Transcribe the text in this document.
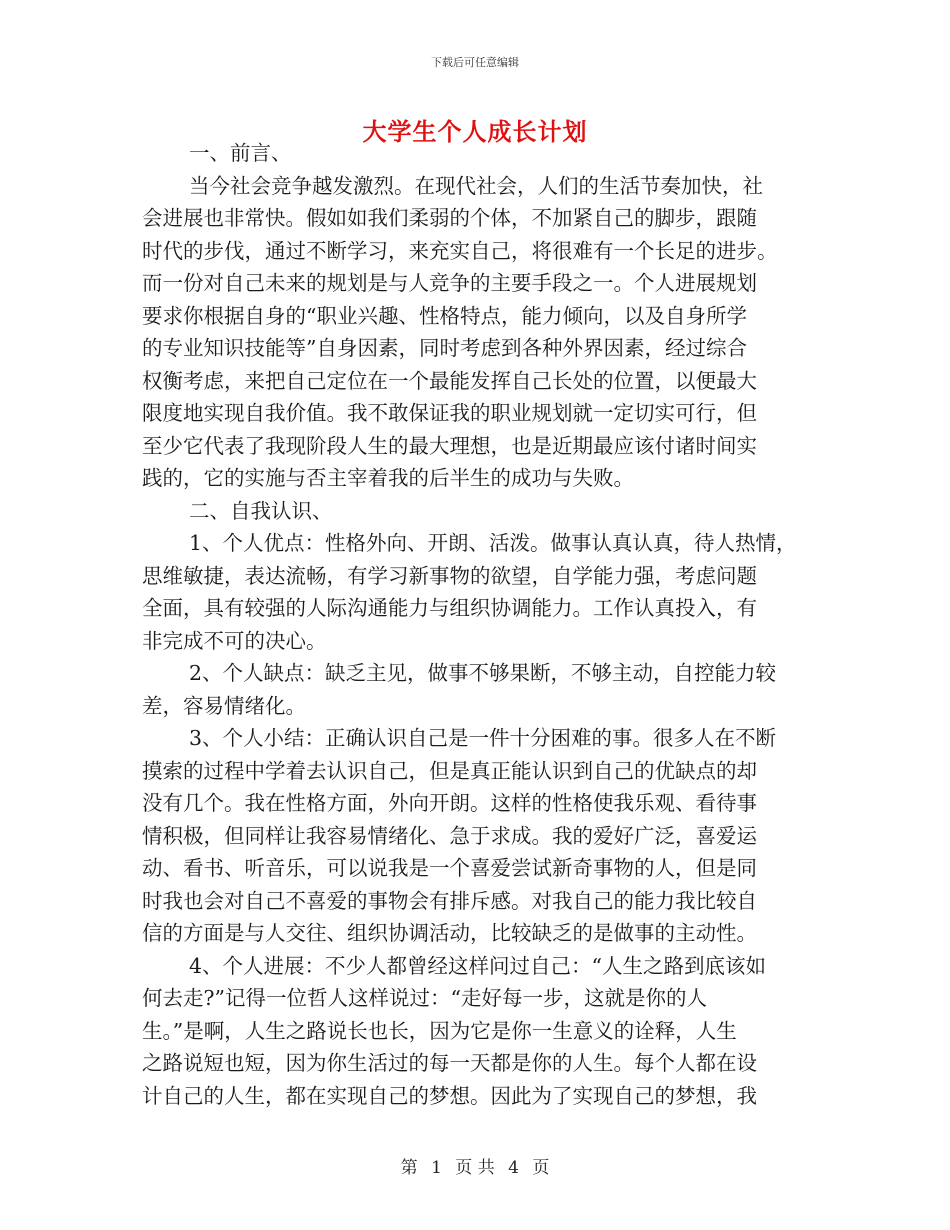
下载后可任意编辑
大学生个人成长计划
一、前言、
当今社会竞争越发激烈。在现代社会，人们的生活节奏加快，社
会进展也非常快。假如如我们柔弱的个体，不加紧自己的脚步，跟随
时代的步伐，通过不断学习，来充实自己，将很难有一个长足的进步。
而一份对自己未来的规划是与人竞争的主要手段之一。个人进展规划
要求你根据自身的“职业兴趣、性格特点，能力倾向，以及自身所学
的专业知识技能等”自身因素，同时考虑到各种外界因素，经过综合
权衡考虑，来把自己定位在一个最能发挥自己长处的位置，以便最大
限度地实现自我价值。我不敢保证我的职业规划就一定切实可行，但
至少它代表了我现阶段人生的最大理想，也是近期最应该付诸时间实
践的，它的实施与否主宰着我的后半生的成功与失败。
二、自我认识、
1、个人优点：性格外向、开朗、活泼。做事认真认真，待人热情，
思维敏捷，表达流畅，有学习新事物的欲望，自学能力强，考虑问题
全面，具有较强的人际沟通能力与组织协调能力。工作认真投入，有
非完成不可的决心。
2、个人缺点：缺乏主见，做事不够果断，不够主动，自控能力较
差，容易情绪化。
3、个人小结：正确认识自己是一件十分困难的事。很多人在不断
摸索的过程中学着去认识自己，但是真正能认识到自己的优缺点的却
没有几个。我在性格方面，外向开朗。这样的性格使我乐观、看待事
情积极，但同样让我容易情绪化、急于求成。我的爱好广泛，喜爱运
动、看书、听音乐，可以说我是一个喜爱尝试新奇事物的人，但是同
时我也会对自己不喜爱的事物会有排斥感。对我自己的能力我比较自
信的方面是与人交往、组织协调活动，比较缺乏的是做事的主动性。
4、个人进展：不少人都曾经这样问过自己：“人生之路到底该如
何去走?”记得一位哲人这样说过：“走好每一步，这就是你的人
生。”是啊，人生之路说长也长，因为它是你一生意义的诠释，人生
之路说短也短，因为你生活过的每一天都是你的人生。每个人都在设
计自己的人生，都在实现自己的梦想。因此为了实现自己的梦想，我
第 1 页 共 4 页
